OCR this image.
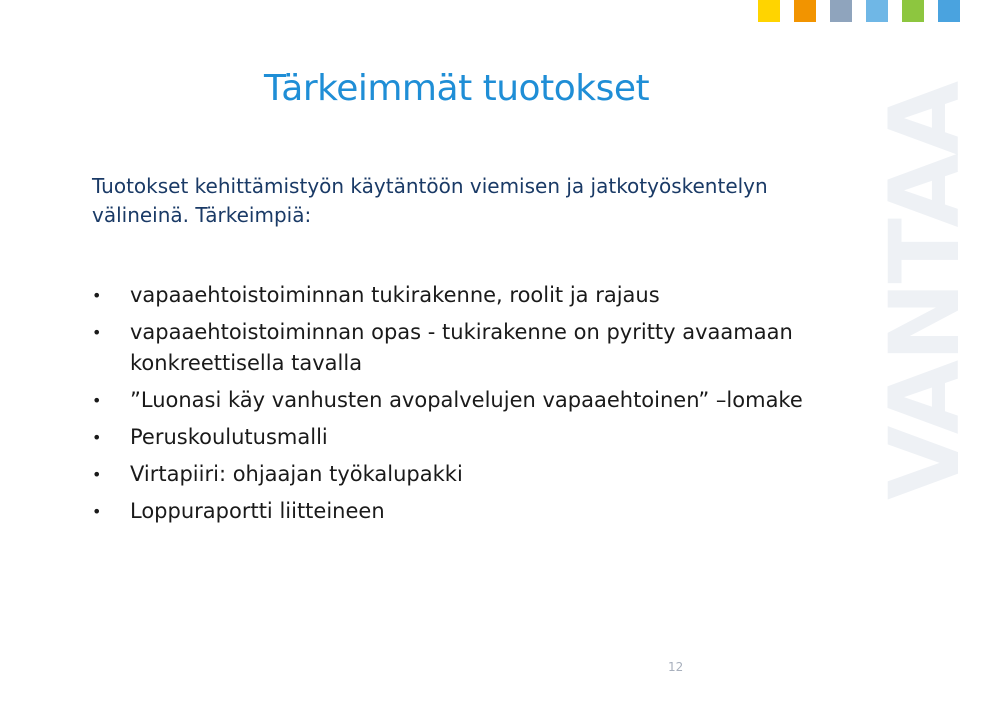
VANTAA
Tärkeimmät tuotokset
Tuotokset kehittämistyön käytäntöön viemisen ja jatkotyöskentelyn välineinä. Tärkeimpiä:
• vapaaehtoistoiminnan tukirakenne, roolit ja rajaus
• vapaaehtoistoiminnan opas - tukirakenne on pyritty avaamaan konkreettisella tavalla
• ”Luonasi käy vanhusten avopalvelujen vapaaehtoinen” –lomake
• Peruskoulutusmalli
• Virtapiiri: ohjaajan työkalupakki
• Loppuraportti liitteineen
12
